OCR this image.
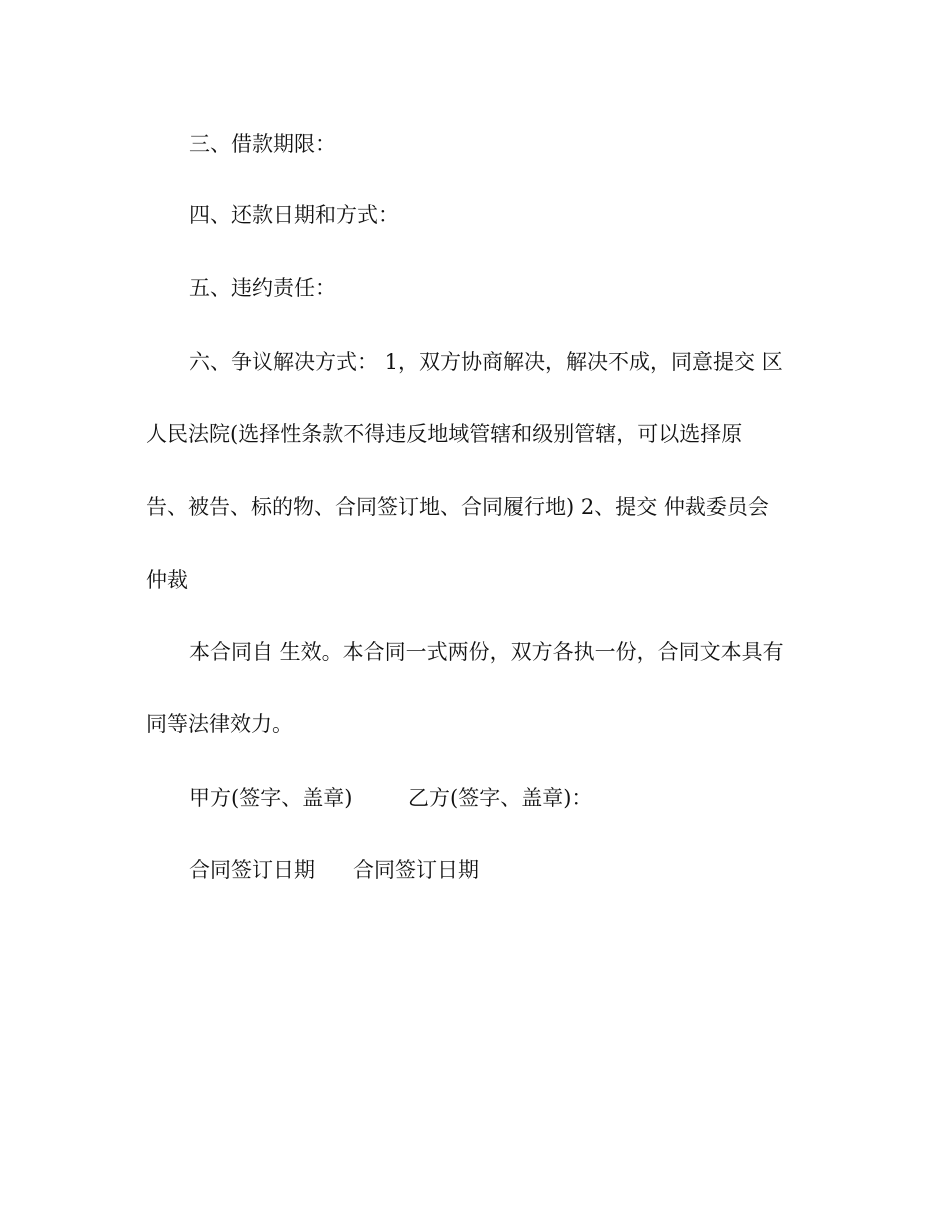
三、借款期限：
四、还款日期和方式：
五、违约责任：
六、争议解决方式： 1，双方协商解决，解决不成，同意提交 区
人民法院(选择性条款不得违反地域管辖和级别管辖，可以选择原
告、被告、标的物、合同签订地、合同履行地) 2、提交 仲裁委员会
仲裁
本合同自 生效。本合同一式两份，双方各执一份，合同文本具有
同等法律效力。
甲方(签字、盖章)	乙方(签字、盖章)：
合同签订日期 合同签订日期
